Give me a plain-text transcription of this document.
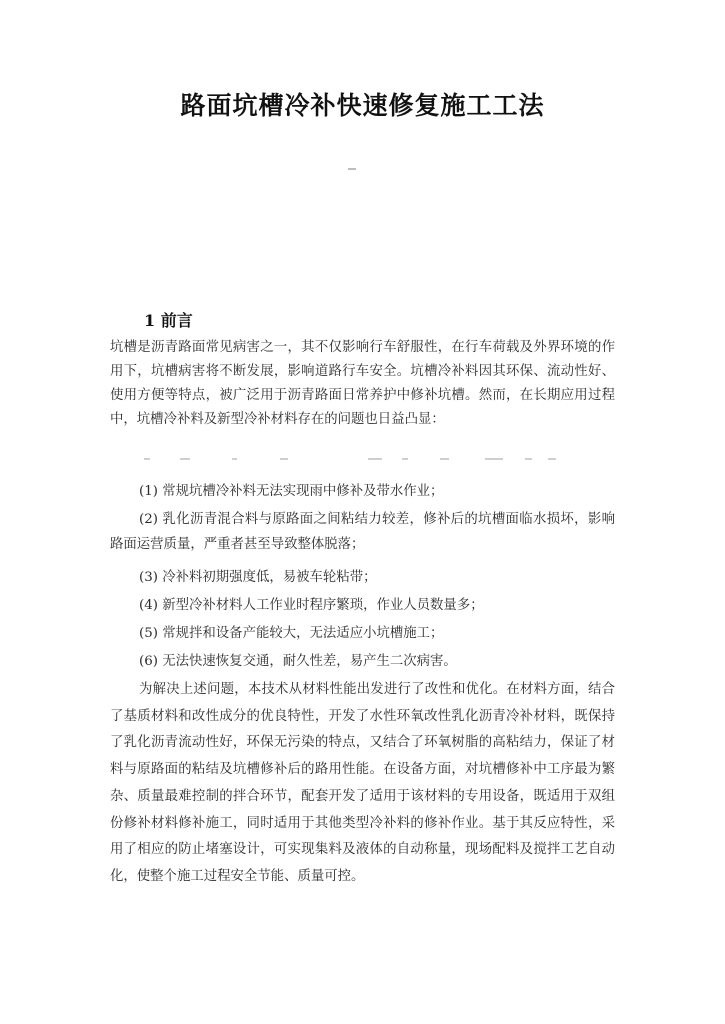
路面坑槽冷补快速修复施工工法
1 前言

坑槽是沥青路面常见病害之一，其不仅影响行车舒服性，在行车荷载及外界环境的作用下，坑槽病害将不断发展，影响道路行车安全。坑槽冷补料因其环保、流动性好、使用方便等特点，被广泛用于沥青路面日常养护中修补坑槽。然而，在长期应用过程中，坑槽冷补料及新型冷补材料存在的问题也日益凸显：

(1) 常规坑槽冷补料无法实现雨中修补及带水作业；

(2) 乳化沥青混合料与原路面之间粘结力较差，修补后的坑槽面临水损坏，影响路面运营质量，严重者甚至导致整体脱落；

(3) 冷补料初期强度低，易被车轮粘带；

(4) 新型冷补材料人工作业时程序繁琐，作业人员数量多；

(5) 常规拌和设备产能较大，无法适应小坑槽施工；

(6) 无法快速恢复交通，耐久性差，易产生二次病害。

为解决上述问题，本技术从材料性能出发进行了改性和优化。在材料方面，结合了基质材料和改性成分的优良特性，开发了水性环氧改性乳化沥青冷补材料，既保持了乳化沥青流动性好，环保无污染的特点，又结合了环氧树脂的高粘结力，保证了材料与原路面的粘结及坑槽修补后的路用性能。在设备方面，对坑槽修补中工序最为繁杂、质量最难控制的拌合环节，配套开发了适用于该材料的专用设备，既适用于双组份修补材料修补施工，同时适用于其他类型冷补料的修补作业。基于其反应特性，采用了相应的防止堵塞设计，可实现集料及液体的自动称量，现场配料及搅拌工艺自动化，使整个施工过程安全节能、质量可控。
